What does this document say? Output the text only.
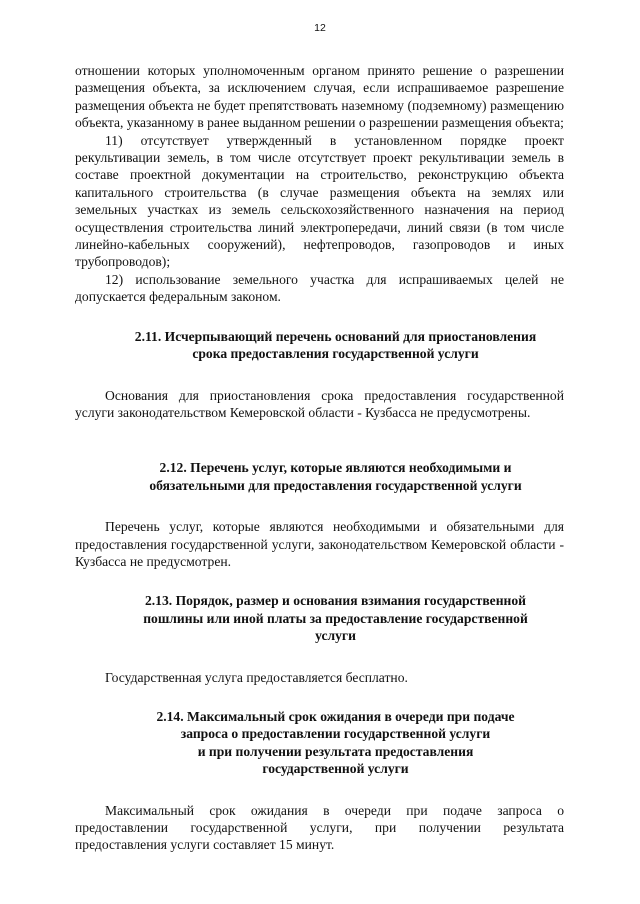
12

отношении которых уполномоченным органом принято решение о разрешении размещения объекта, за исключением случая, если испрашиваемое разрешение размещения объекта не будет препятствовать наземному (подземному) размещению объекта, указанному в ранее выданном решении о разрешении размещения объекта;

11) отсутствует утвержденный в установленном порядке проект рекультивации земель, в том числе отсутствует проект рекультивации земель в составе проектной документации на строительство, реконструкцию объекта капитального строительства (в случае размещения объекта на землях или земельных участках из земель сельскохозяйственного назначения на период осуществления строительства линий электропередачи, линий связи (в том числе линейно-кабельных сооружений), нефтепроводов, газопроводов и иных трубопроводов);

12) использование земельного участка для испрашиваемых целей не допускается федеральным законом.

2.11. Исчерпывающий перечень оснований для приостановления
срока предоставления государственной услуги

Основания для приостановления срока предоставления государственной услуги законодательством Кемеровской области - Кузбасса не предусмотрены.

2.12. Перечень услуг, которые являются необходимыми и
обязательными для предоставления государственной услуги

Перечень услуг, которые являются необходимыми и обязательными для предоставления государственной услуги, законодательством Кемеровской области - Кузбасса не предусмотрен.

2.13. Порядок, размер и основания взимания государственной
пошлины или иной платы за предоставление государственной
услуги

Государственная услуга предоставляется бесплатно.

2.14. Максимальный срок ожидания в очереди при подаче
запроса о предоставлении государственной услуги
и при получении результата предоставления
государственной услуги

Максимальный срок ожидания в очереди при подаче запроса о предоставлении государственной услуги, при получении результата предоставления услуги составляет 15 минут.
